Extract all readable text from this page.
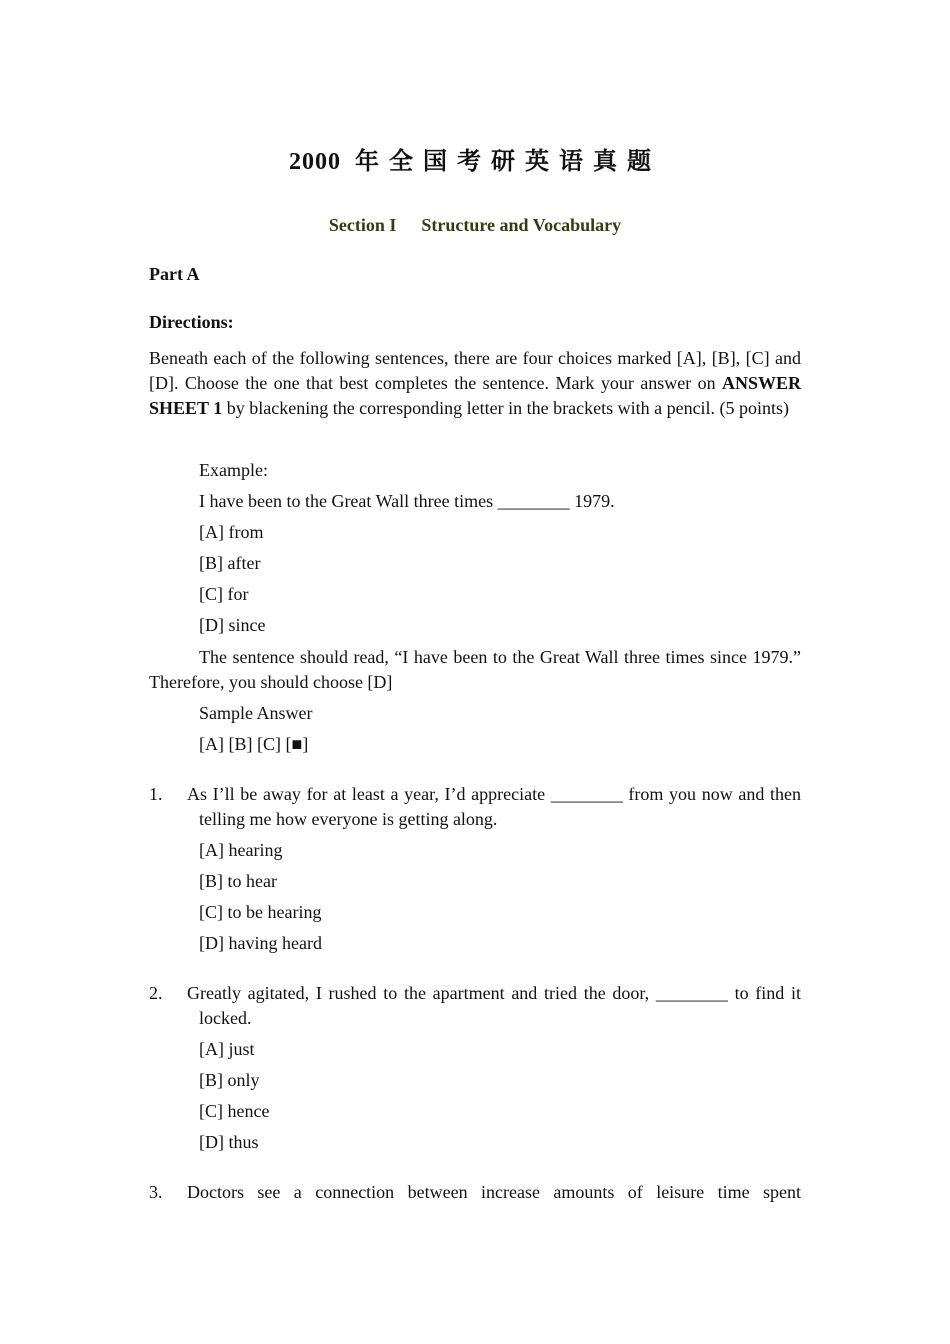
2000 年全国考研英语真题
Section I Structure and Vocabulary
Part A
Directions:
Beneath each of the following sentences, there are four choices marked [A], [B], [C] and [D]. Choose the one that best completes the sentence. Mark your answer on ANSWER SHEET 1 by blackening the corresponding letter in the brackets with a pencil. (5 points)
Example:
I have been to the Great Wall three times ________ 1979.
[A] from
[B] after
[C] for
[D] since
The sentence should read, “I have been to the Great Wall three times since 1979.” Therefore, you should choose [D]
Sample Answer
[A] [B] [C] [■]
1. As I’ll be away for at least a year, I’d appreciate ________ from you now and then telling me how everyone is getting along.
[A] hearing
[B] to hear
[C] to be hearing
[D] having heard
2. Greatly agitated, I rushed to the apartment and tried the door, ________ to find it locked.
[A] just
[B] only
[C] hence
[D] thus
3. Doctors see a connection between increase amounts of leisure time spent
